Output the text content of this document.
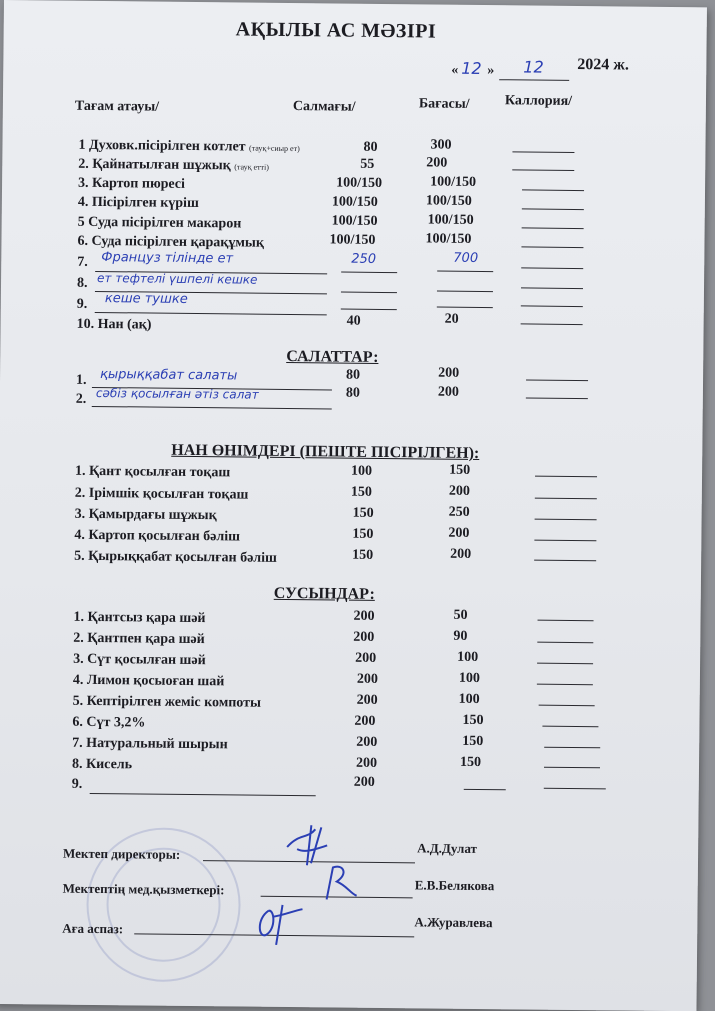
АҚЫЛЫ АС МӘЗІРІ
« 12 » 12 2024 ж.
Тағам атауы/	Салмағы/	Бағасы/	Каллория/
1 Духовк.пісірілген котлет (тауқ+сиыр ет)	80	300
2. Қайнатылған шұжық (тауқ етті)	55	200
3. Картоп пюресі	100/150	100/150
4. Пісірілген күріш	100/150	100/150
5 Суда пісірілген макарон	100/150	100/150
6. Суда пісірілген қарақұмық	100/150	100/150
7. Француз тілінде ет	250	700
8. ет тефтелі үшпелі кешке
9. кеше тушке
10. Нан (ақ)	40	20
САЛАТТАР:
1. қырыққабат салаты	80	200
2. сәбіз қосылған әтіз салат	80	200
НАН ӨНІМДЕРІ (ПЕШТЕ ПІСІРІЛГЕН):
1. Қант қосылған тоқаш	100	150
2. Ірімшік қосылған тоқаш	150	200
3. Қамырдағы шұжық	150	250
4. Картоп қосылған бәліш	150	200
5. Қырыққабат қосылған бәліш	150	200
СУСЫНДАР:
1. Қантсыз қара шәй	200	50
2. Қантпен қара шәй	200	90
3. Сүт қосылған шәй	200	100
4. Лимон қосыоған шай	200	100
5. Кептірілген жеміс компоты	200	100
6. Сүт 3,2%	200	150
7. Натуральный шырын	200	150
8. Кисель	200	150
9.	200
Мектеп директоры:	А.Д.Дулат
Мектептің мед.қызметкері:	Е.В.Белякова
Аға аспаз:	А.Журавлева
